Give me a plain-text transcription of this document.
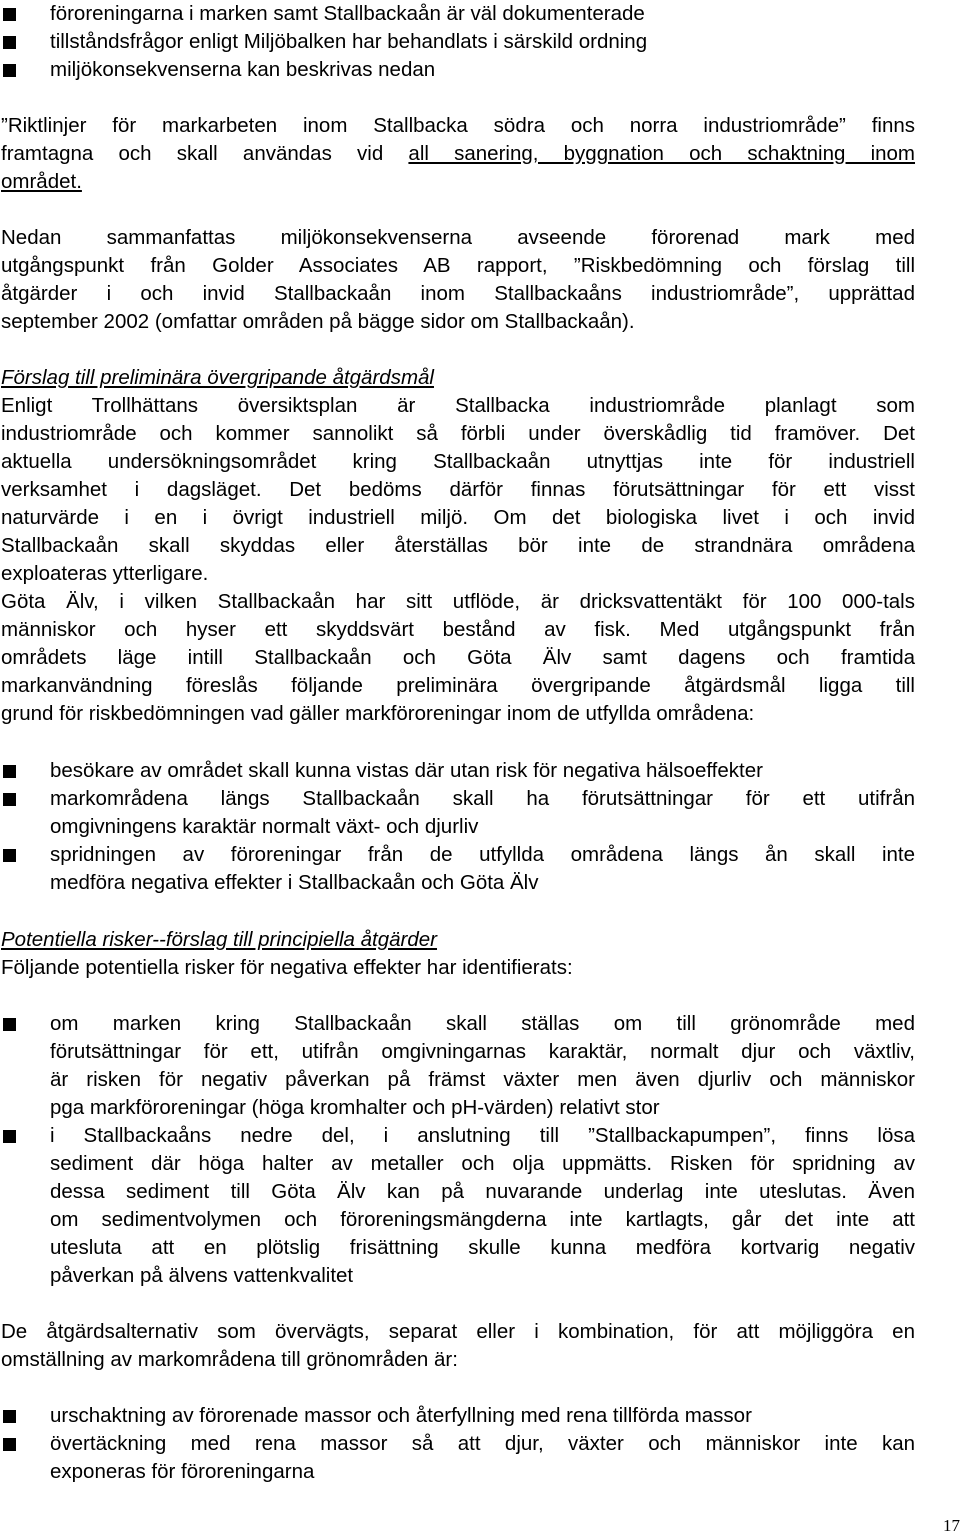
föroreningarna i marken samt Stallbackaån är väl dokumenterade
tillståndsfrågor enligt Miljöbalken har behandlats i särskild ordning
miljökonsekvenserna kan beskrivas nedan
”Riktlinjer för markarbeten inom Stallbacka södra och norra industriområde” finns
framtagna och skall användas vid all sanering, byggnation och schaktning inom
området.
Nedan sammanfattas miljökonsekvenserna avseende förorenad mark med
utgångspunkt från Golder Associates AB rapport, ”Riskbedömning och förslag till
åtgärder i och invid Stallbackaån inom Stallbackaåns industriområde”, upprättad
september 2002 (omfattar områden på bägge sidor om Stallbackaån).
Förslag till preliminära övergripande åtgärdsmål
Enligt Trollhättans översiktsplan är Stallbacka industriområde planlagt som
industriområde och kommer sannolikt så förbli under överskådlig tid framöver. Det
aktuella undersökningsområdet kring Stallbackaån utnyttjas inte för industriell
verksamhet i dagsläget. Det bedöms därför finnas förutsättningar för ett visst
naturvärde i en i övrigt industriell miljö. Om det biologiska livet i och invid
Stallbackaån skall skyddas eller återställas bör inte de strandnära områdena
exploateras ytterligare.
Göta Älv, i vilken Stallbackaån har sitt utflöde, är dricksvattentäkt för 100 000-tals
människor och hyser ett skyddsvärt bestånd av fisk. Med utgångspunkt från
områdets läge intill Stallbackaån och Göta Älv samt dagens och framtida
markanvändning föreslås följande preliminära övergripande åtgärdsmål ligga till
grund för riskbedömningen vad gäller markföroreningar inom de utfyllda områdena:
besökare av området skall kunna vistas där utan risk för negativa hälsoeffekter
markområdena längs Stallbackaån skall ha förutsättningar för ett utifrån
omgivningens karaktär normalt växt- och djurliv
spridningen av föroreningar från de utfyllda områdena längs ån skall inte
medföra negativa effekter i Stallbackaån och Göta Älv
Potentiella risker--förslag till principiella åtgärder
Följande potentiella risker för negativa effekter har identifierats:
om marken kring Stallbackaån skall ställas om till grönområde med
förutsättningar för ett, utifrån omgivningarnas karaktär, normalt djur och växtliv,
är risken för negativ påverkan på främst växter men även djurliv och människor
pga markföroreningar (höga kromhalter och pH-värden) relativt stor
i Stallbackaåns nedre del, i anslutning till ”Stallbackapumpen”, finns lösa
sediment där höga halter av metaller och olja uppmätts. Risken för spridning av
dessa sediment till Göta Älv kan på nuvarande underlag inte uteslutas. Även
om sedimentvolymen och föroreningsmängderna inte kartlagts, går det inte att
utesluta att en plötslig frisättning skulle kunna medföra kortvarig negativ
påverkan på älvens vattenkvalitet
De åtgärdsalternativ som övervägts, separat eller i kombination, för att möjliggöra en
omställning av markområdena till grönområden är:
urschaktning av förorenade massor och återfyllning med rena tillförda massor
övertäckning med rena massor så att djur, växter och människor inte kan
exponeras för föroreningarna
17
